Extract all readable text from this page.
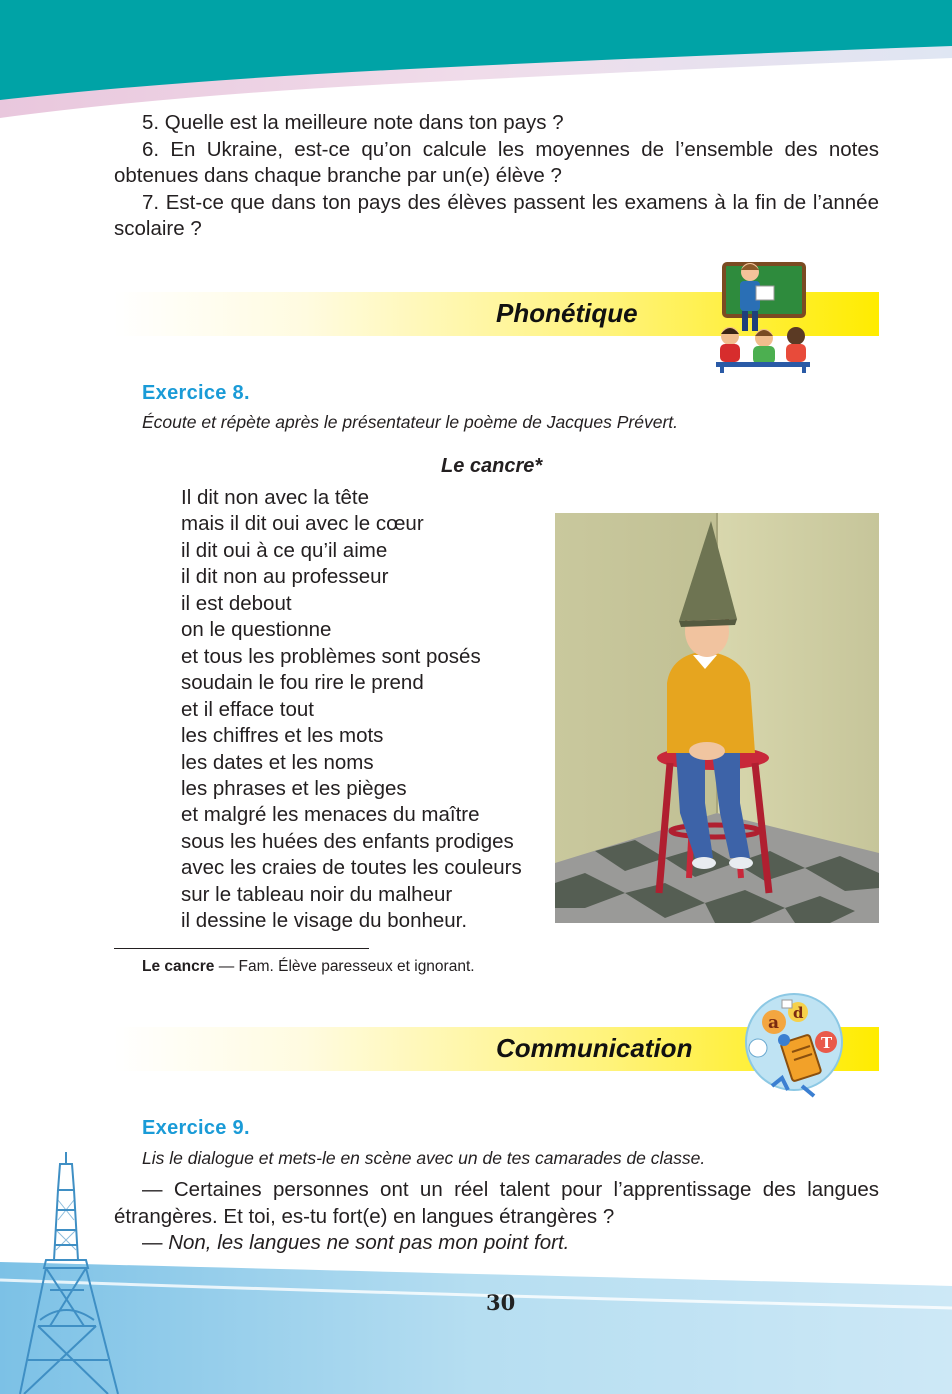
5. Quelle est la meilleure note dans ton pays ?
6. En Ukraine, est-ce qu’on calcule les moyennes de l’ensemble des notes obtenues dans chaque branche par un(e) élève ?
7. Est-ce que dans ton pays des élèves passent les examens à la fin de l’année scolaire ?
Phonétique
Exercice 8.
Écoute et répète après le présentateur le poème de Jacques Prévert.
Le cancre*
Il dit non avec la tête
mais il dit oui avec le cœur
il dit oui à ce qu’il aime
il dit non au professeur
il est debout
on le questionne
et tous les problèmes sont posés
soudain le fou rire le prend
et il efface tout
les chiffres et les mots
les dates et les noms
les phrases et les pièges
et malgré les menaces du maître
sous les huées des enfants prodiges
avec les craies de toutes les couleurs
sur le tableau noir du malheur
il dessine le visage du bonheur.
Le cancre — Fam. Élève paresseux et ignorant.
Communication
a d
T
Exercice 9.
Lis le dialogue et mets-le en scène avec un de tes camarades de classe.
— Certaines personnes ont un réel talent pour l’apprentissage des langues étrangères. Et toi, es-tu fort(e) en langues étrangères ?
— Non, les langues ne sont pas mon point fort.
30
